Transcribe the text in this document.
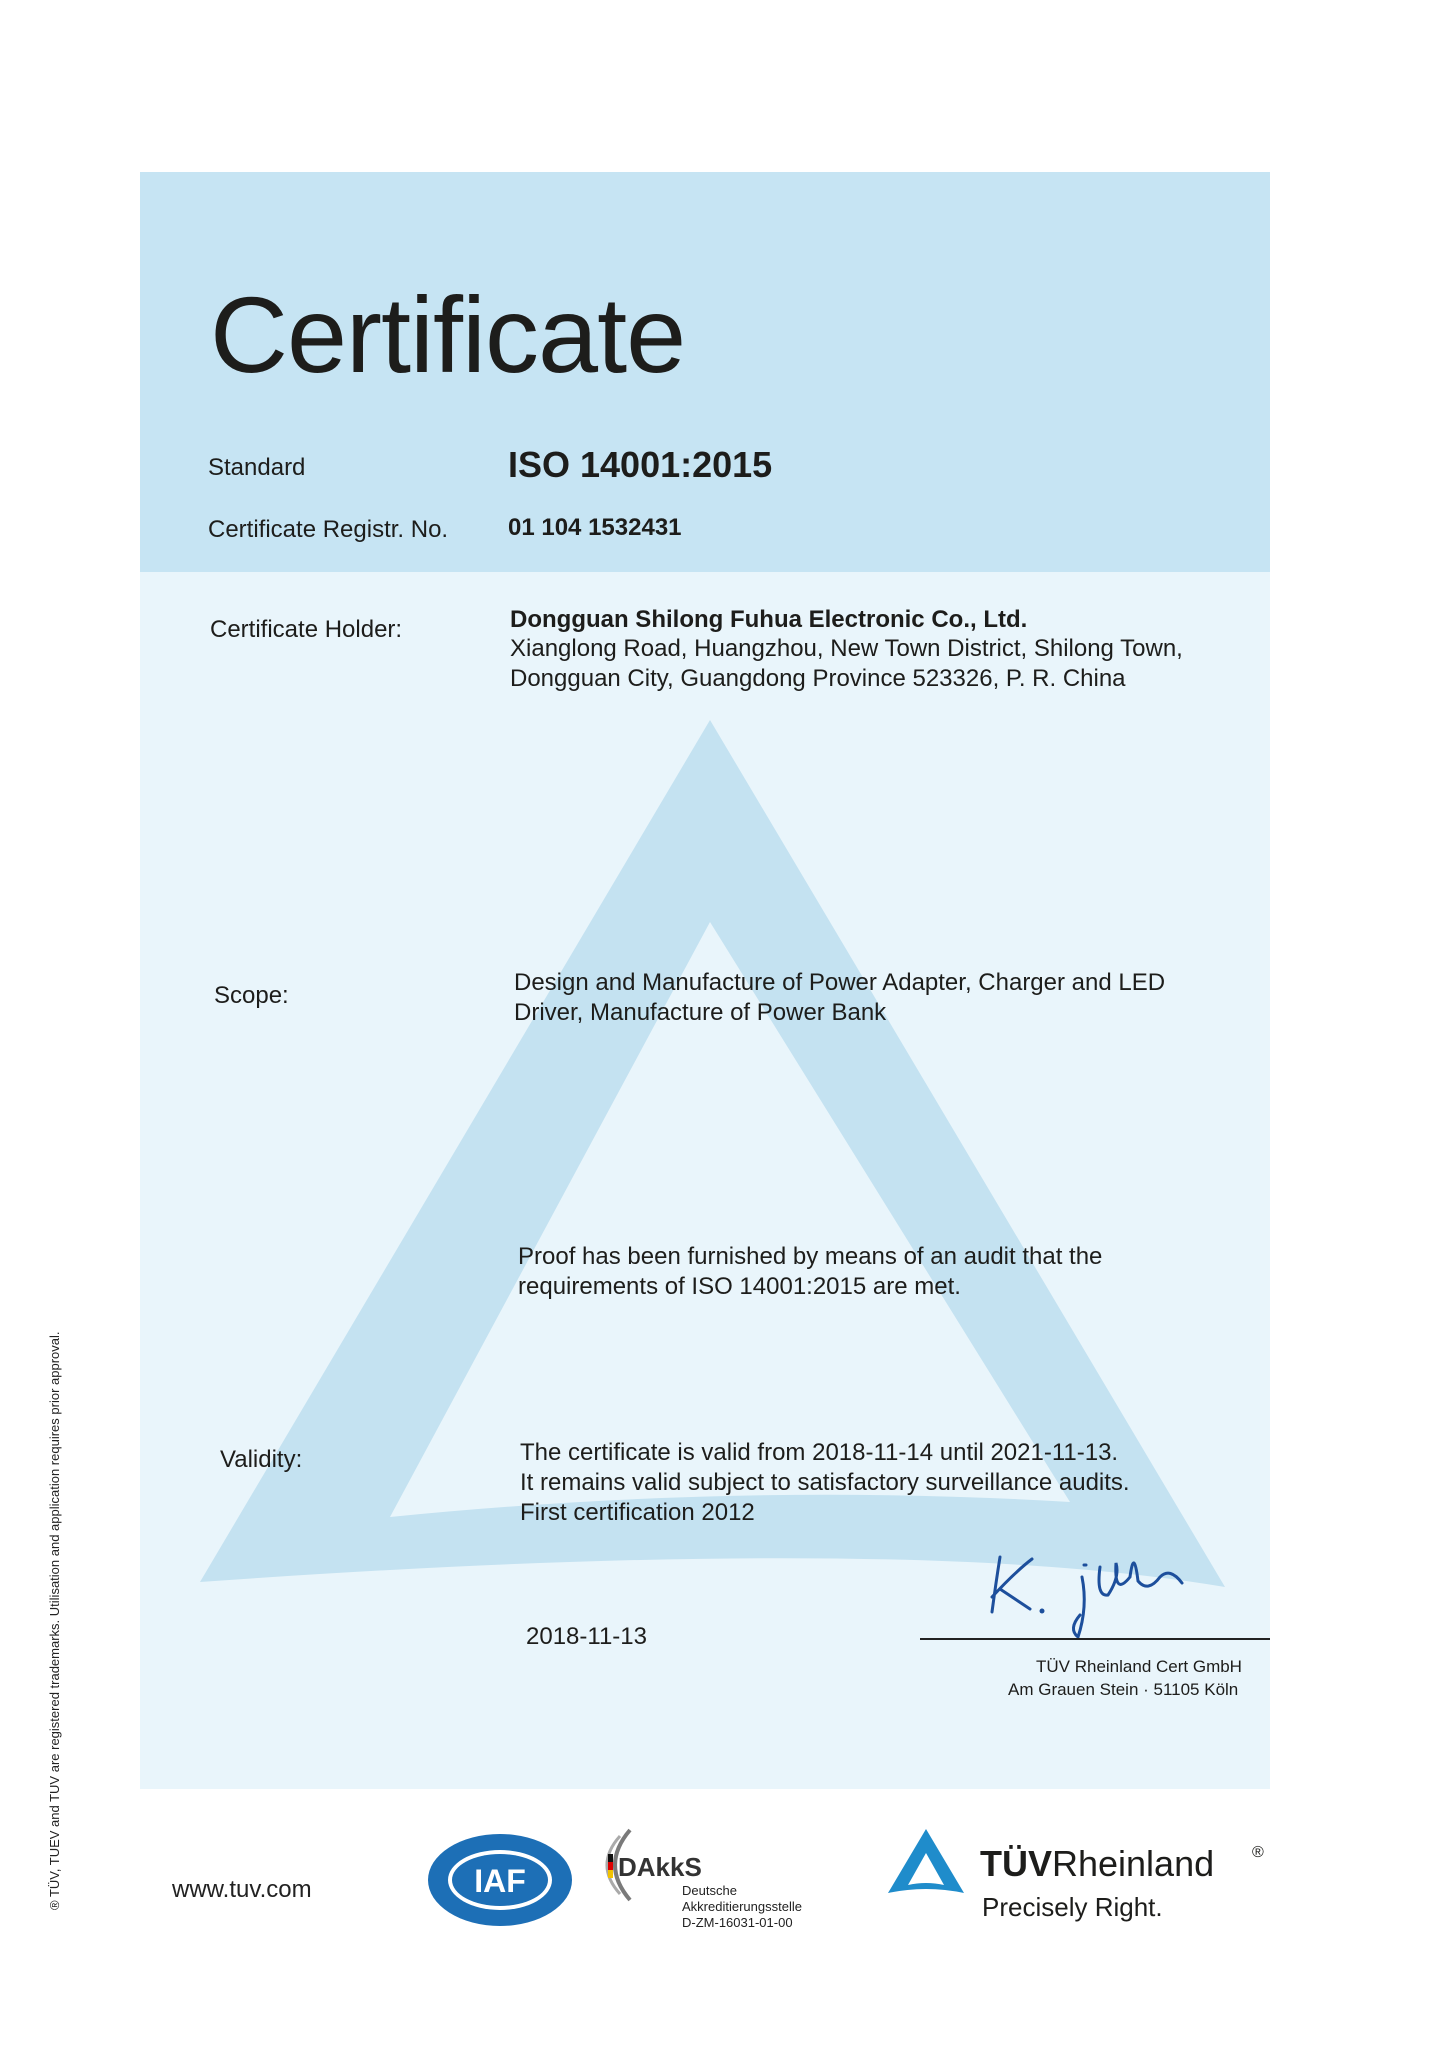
Certificate
Standard	ISO 14001:2015
Certificate Registr. No. 01 104 1532431
Certificate Holder:	Dongguan Shilong Fuhua Electronic Co., Ltd.
Xianglong Road, Huangzhou, New Town District, Shilong Town,
Dongguan City, Guangdong Province 523326, P. R. China
Scope:	Design and Manufacture of Power Adapter, Charger and LED
Driver, Manufacture of Power Bank
Proof has been furnished by means of an audit that the
requirements of ISO 14001:2015 are met.
Validity:	The certificate is valid from 2018-11-14 until 2021-11-13.
It remains valid subject to satisfactory surveillance audits.
First certification 2012
2018-11-13
TÜV Rheinland Cert GmbH
Am Grauen Stein · 51105 Köln
® TÜV, TUEV and TUV are registered trademarks. Utilisation and application requires prior approval.	www.tuv.com	IAF	DAkkS
Deutsche
Akkreditierungsstelle
D-ZM-16031-01-00
TÜVRheinland ®
Precisely Right.
